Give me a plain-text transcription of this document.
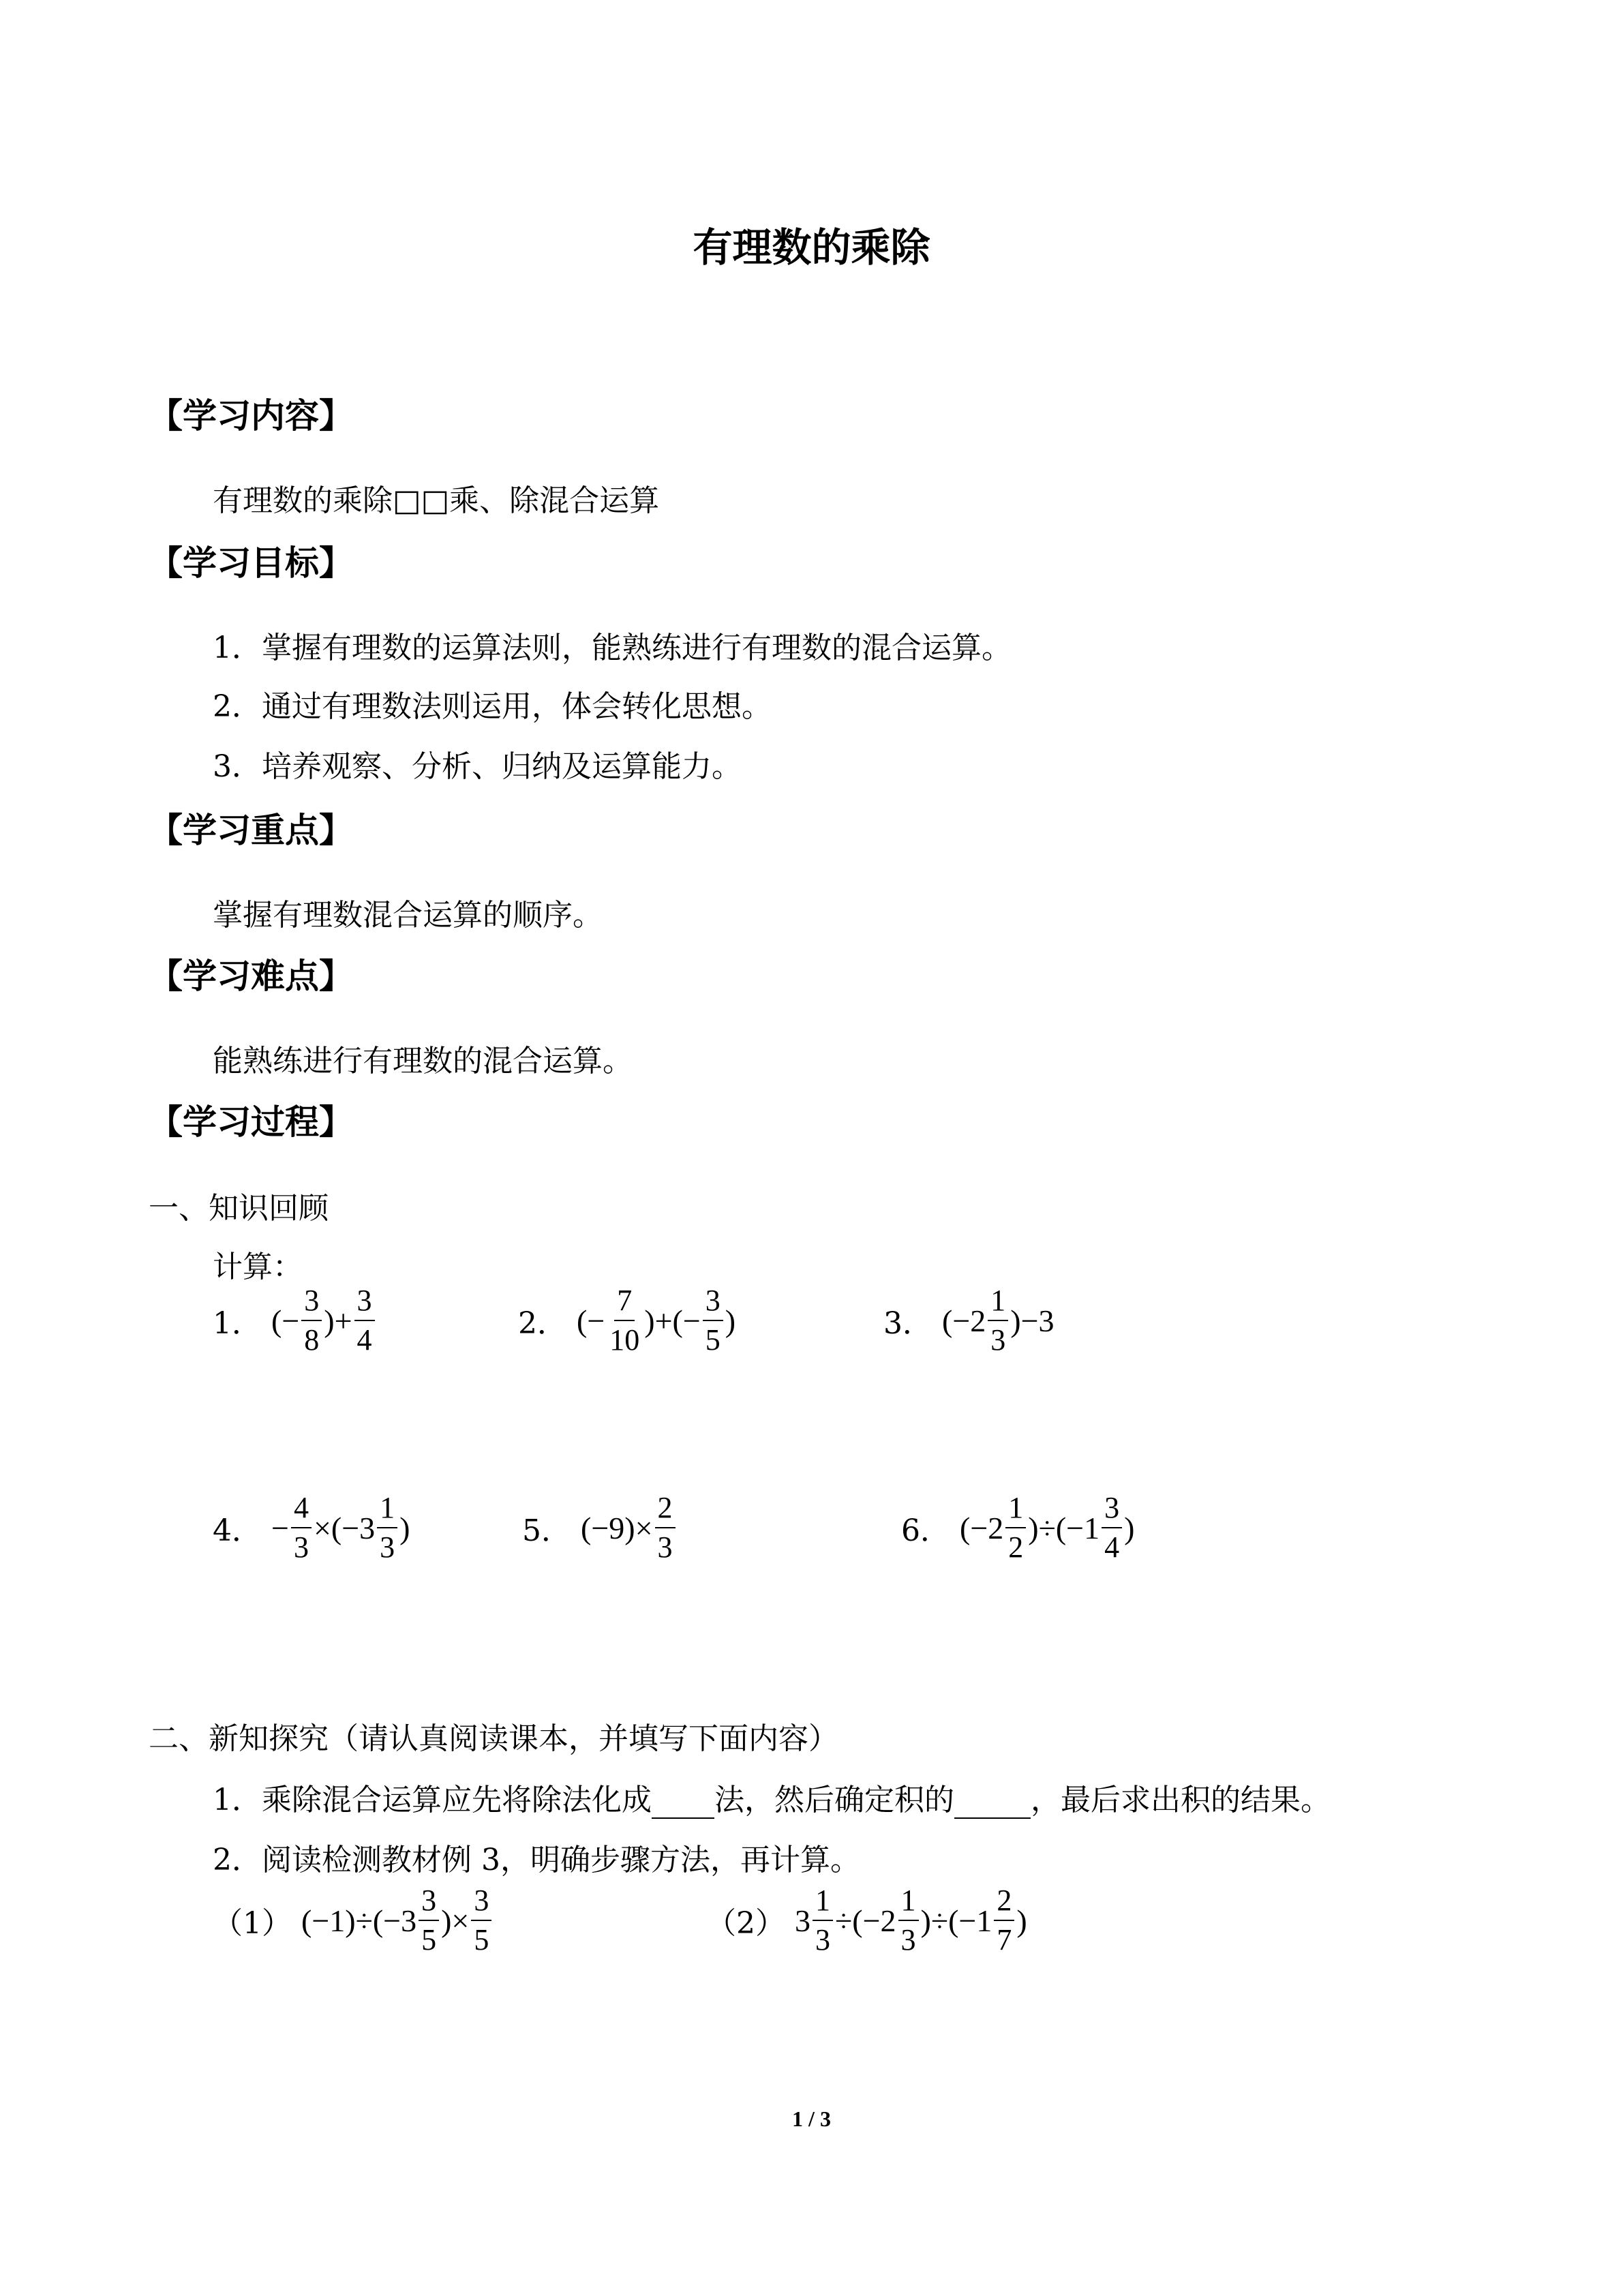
有理数的乘除
【学习内容】
有理数的乘除□□乘、除混合运算
【学习目标】
1．掌握有理数的运算法则，能熟练进行有理数的混合运算。
2．通过有理数法则运用，体会转化思想。
3．培养观察、分析、归纳及运算能力。
【学习重点】
掌握有理数混合运算的顺序。
【学习难点】
能熟练进行有理数的混合运算。
【学习过程】
一、知识回顾
计算：
1． (− $\frac{3}{8}$ )+ $\frac{3}{4}$	2． (− $\frac{7}{10}$ )+(− $\frac{3}{5}$ )	3． $(-2 \frac{1}{3} )-3$
4． − $\frac{4}{3} \times(-3 \frac{1}{3}$ )	5． $(-9)\times \frac{2}{3}$	6． $(-2 \frac{1}{2} )\div(-1 \frac{3}{4}$ )
二、新知探究（请认真阅读课本，并填写下面内容）
1．乘除混合运算应先将除法化成 法，然后确定积的	，最后求出积的结果。
2．阅读检测教材例 3，明确步骤方法，再计算。
（1） $(-1)\div(-3 \frac{3}{5}$ )× $\frac{3}{5}$	（2） $3 \frac{1}{3} \div(-2 \frac{1}{3} )\div(-1 \frac{2}{7}$ )
1 / 3
